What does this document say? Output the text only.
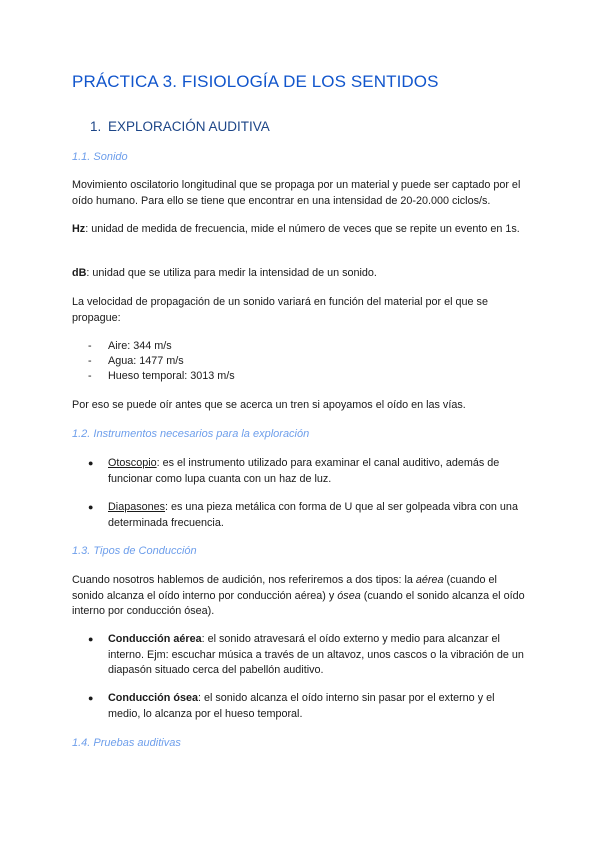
PRÁCTICA 3. FISIOLOGÍA DE LOS SENTIDOS
1. EXPLORACIÓN AUDITIVA
1.1. Sonido
Movimiento oscilatorio longitudinal que se propaga por un material y puede ser captado por el oído humano. Para ello se tiene que encontrar en una intensidad de 20-20.000 ciclos/s.
Hz: unidad de medida de frecuencia, mide el número de veces que se repite un evento en 1s.
dB: unidad que se utiliza para medir la intensidad de un sonido.
La velocidad de propagación de un sonido variará en función del material por el que se propague:
- Aire: 344 m/s
- Agua: 1477 m/s
- Hueso temporal: 3013 m/s
Por eso se puede oír antes que se acerca un tren si apoyamos el oído en las vías.
1.2. Instrumentos necesarios para la exploración
●	Otoscopio: es el instrumento utilizado para examinar el canal auditivo, además de funcionar como lupa cuanta con un haz de luz.
●	Diapasones: es una pieza metálica con forma de U que al ser golpeada vibra con una determinada frecuencia.
1.3. Tipos de Conducción
Cuando nosotros hablemos de audición, nos referiremos a dos tipos: la aérea (cuando el sonido alcanza el oído interno por conducción aérea) y ósea (cuando el sonido alcanza el oído interno por conducción ósea).
●	Conducción aérea: el sonido atravesará el oído externo y medio para alcanzar el interno. Ejm: escuchar música a través de un altavoz, unos cascos o la vibración de un diapasón situado cerca del pabellón auditivo.
●	Conducción ósea: el sonido alcanza el oído interno sin pasar por el externo y el medio, lo alcanza por el hueso temporal.
1.4. Pruebas auditivas
